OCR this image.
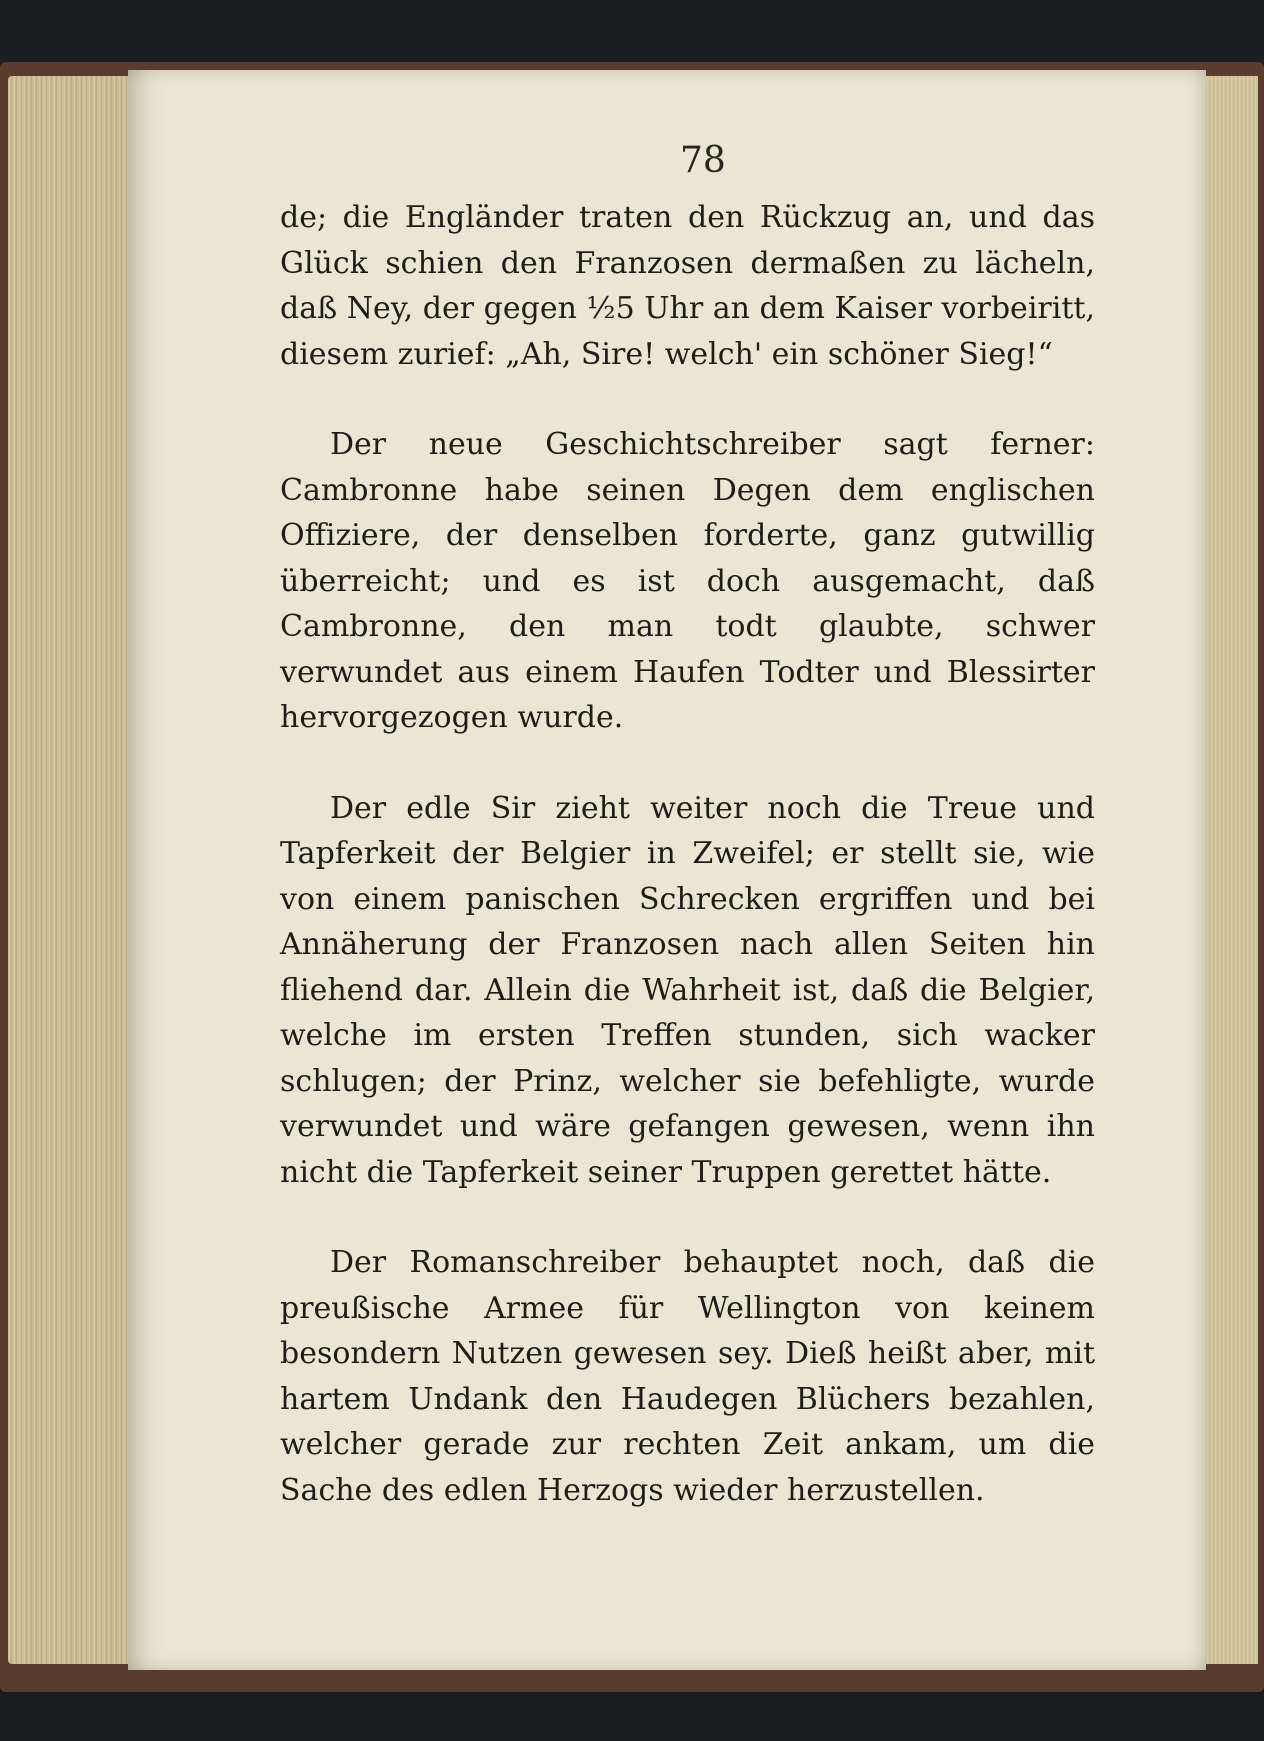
78

de; die Engländer traten den Rückzug an, und das Glück schien den Franzosen dermaßen zu lächeln, daß Ney, der gegen ½5 Uhr an dem Kaiser vorbeiritt, diesem zurief: „Ah, Sire! welch' ein schöner Sieg!“

Der neue Geschichtschreiber sagt ferner: Cambronne habe seinen Degen dem englischen Offiziere, der denselben forderte, ganz gutwillig überreicht; und es ist doch ausgemacht, daß Cambronne, den man todt glaubte, schwer verwundet aus einem Haufen Todter und Blessirter hervorgezogen wurde.

Der edle Sir zieht weiter noch die Treue und Tapferkeit der Belgier in Zweifel; er stellt sie, wie von einem panischen Schrecken ergriffen und bei Annäherung der Franzosen nach allen Seiten hin fliehend dar. Allein die Wahrheit ist, daß die Belgier, welche im ersten Treffen stunden, sich wacker schlugen; der Prinz, welcher sie befehligte, wurde verwundet und wäre gefangen gewesen, wenn ihn nicht die Tapferkeit seiner Truppen gerettet hätte.

Der Romanschreiber behauptet noch, daß die preußische Armee für Wellington von keinem besondern Nutzen gewesen sey. Dieß heißt aber, mit hartem Undank den Haudegen Blüchers bezahlen, welcher gerade zur rechten Zeit ankam, um die Sache des edlen Herzogs wieder herzustellen.
